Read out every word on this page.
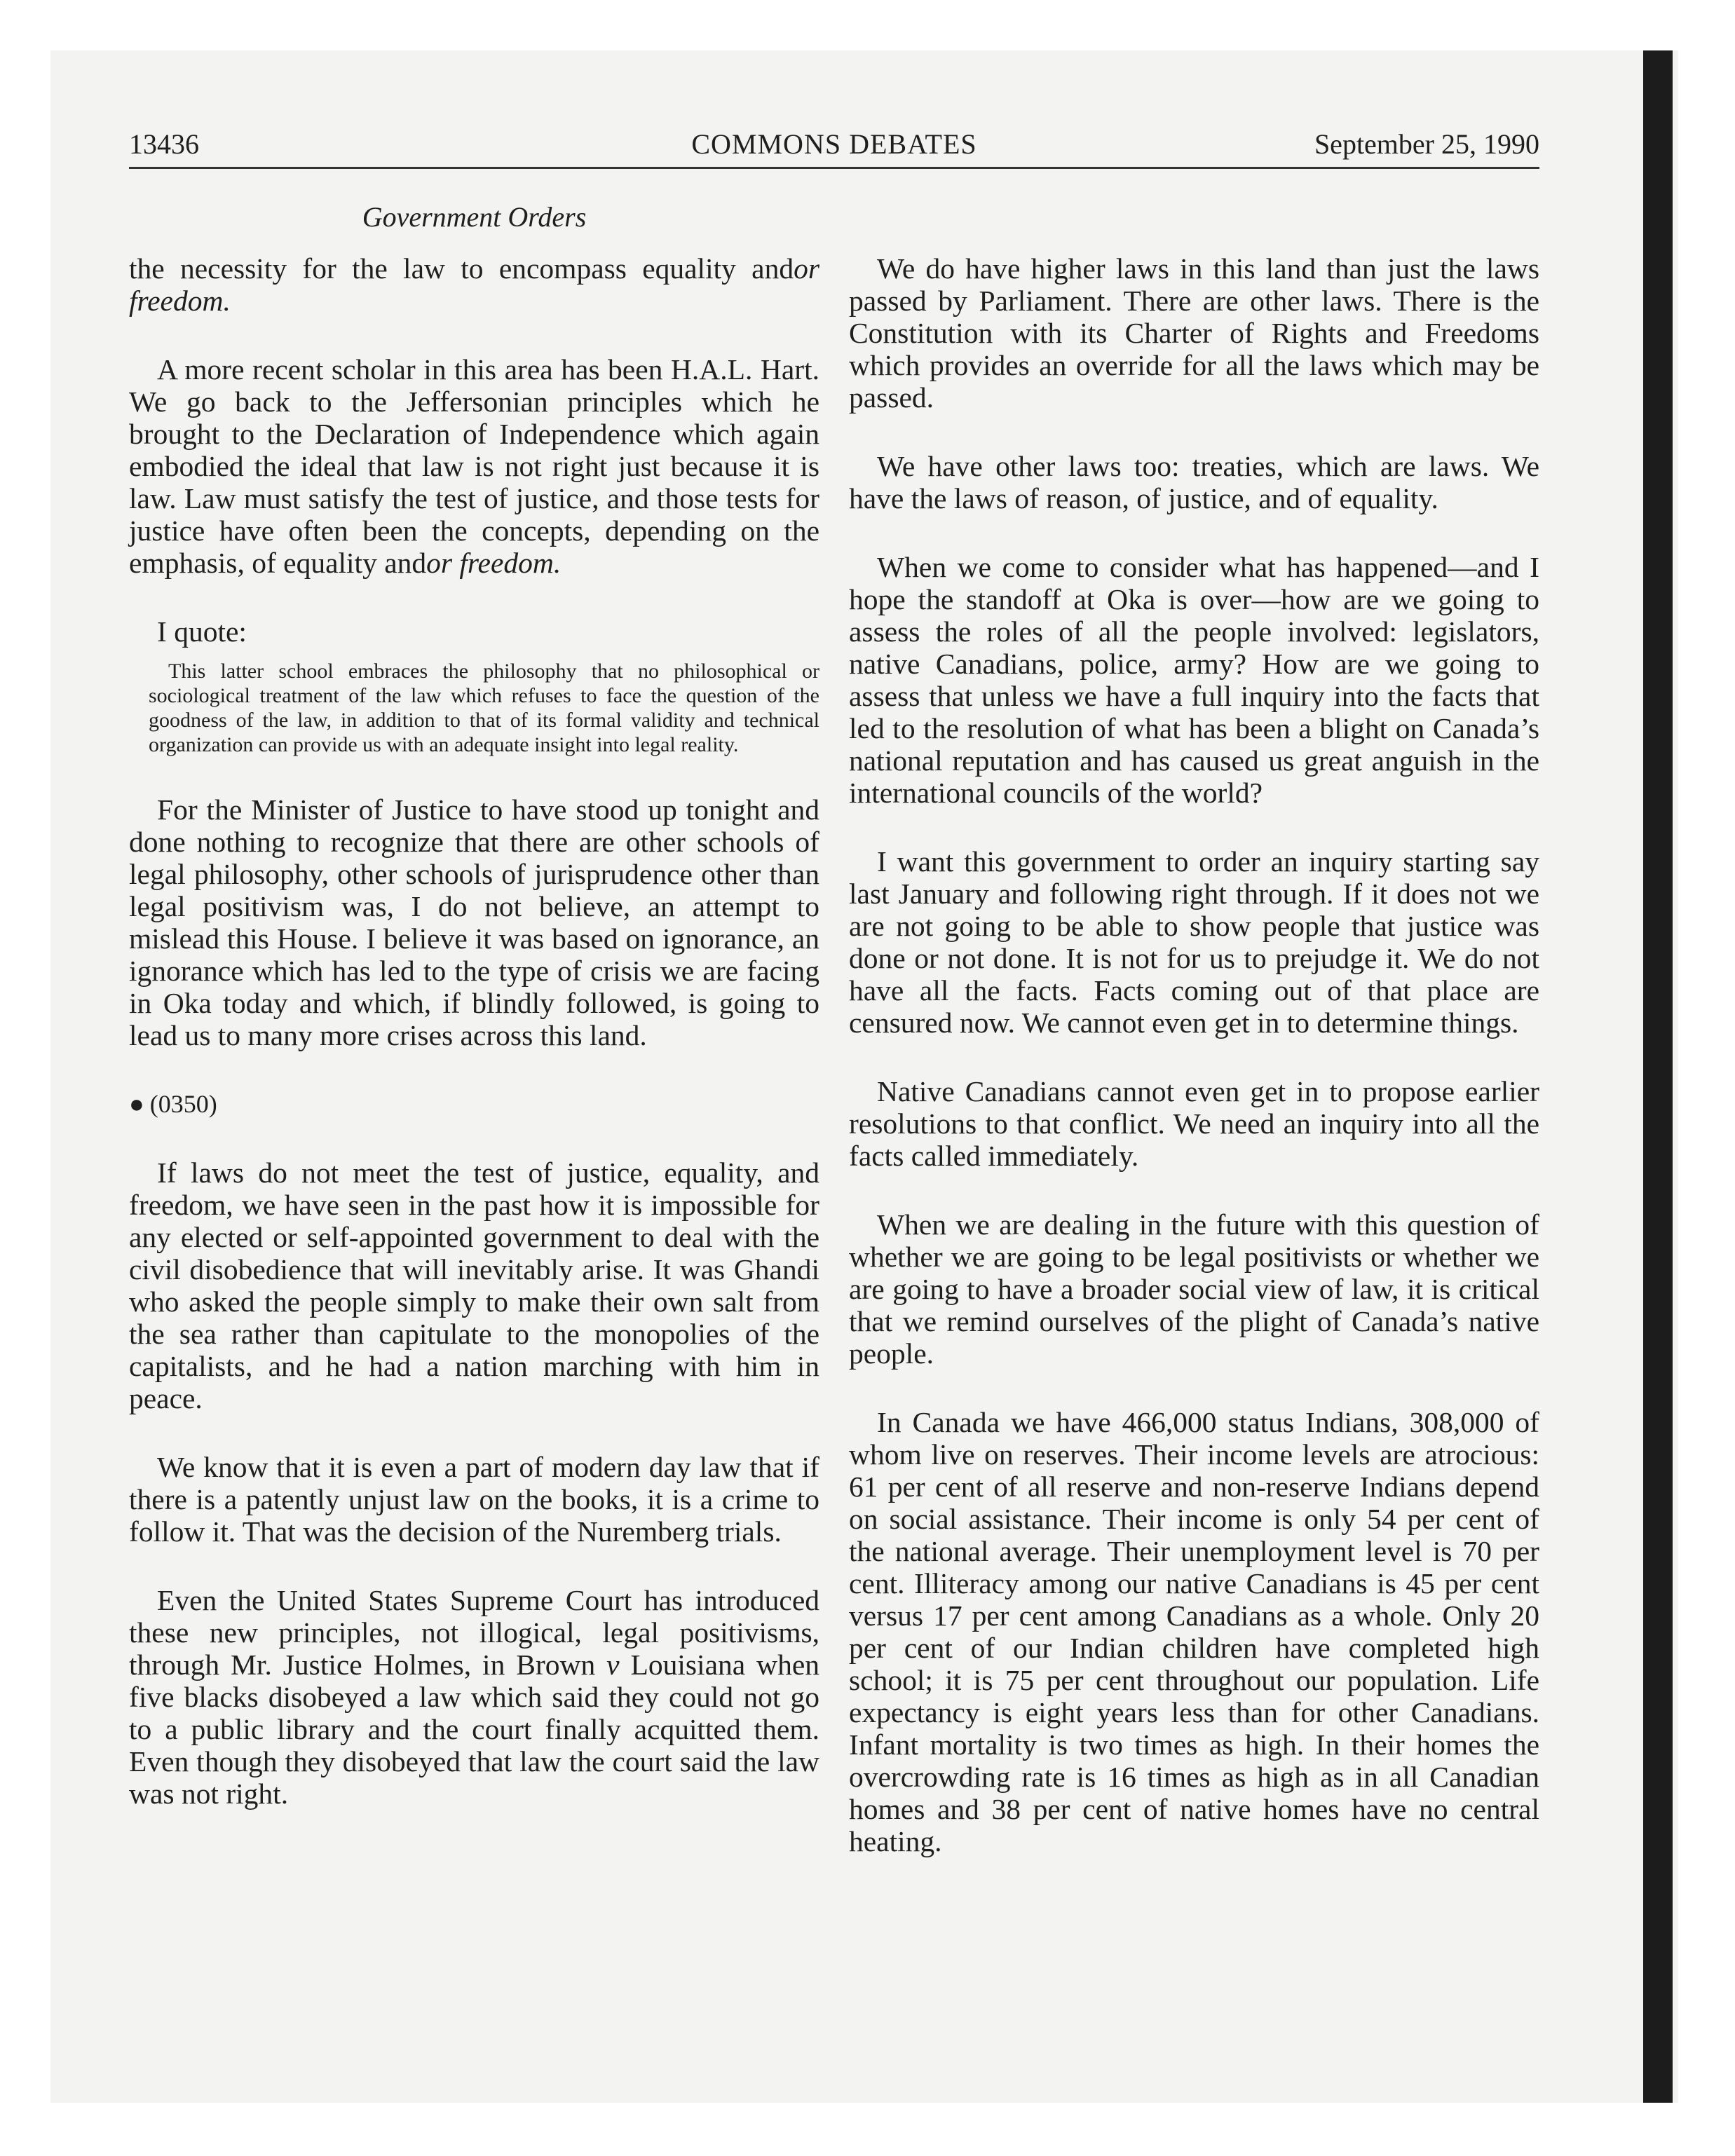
13436	COMMONS DEBATES	September 25, 1990
Government Orders

the necessity for the law to encompass equality andor freedom.

A more recent scholar in this area has been H.A.L. Hart. We go back to the Jeffersonian principles which he brought to the Declaration of Independence which again embodied the ideal that law is not right just because it is law. Law must satisfy the test of justice, and those tests for justice have often been the concepts, depending on the emphasis, of equality andor freedom.

I quote:

This latter school embraces the philosophy that no philosophical or sociological treatment of the law which refuses to face the question of the goodness of the law, in addition to that of its formal validity and technical organization can provide us with an adequate insight into legal reality.

For the Minister of Justice to have stood up tonight and done nothing to recognize that there are other schools of legal philosophy, other schools of jurisprudence other than legal positivism was, I do not believe, an attempt to mislead this House. I believe it was based on ignorance, an ignorance which has led to the type of crisis we are facing in Oka today and which, if blindly followed, is going to lead us to many more crises across this land.

● (0350)

If laws do not meet the test of justice, equality, and freedom, we have seen in the past how it is impossible for any elected or self-appointed government to deal with the civil disobedience that will inevitably arise. It was Ghandi who asked the people simply to make their own salt from the sea rather than capitulate to the monopolies of the capitalists, and he had a nation marching with him in peace.

We know that it is even a part of modern day law that if there is a patently unjust law on the books, it is a crime to follow it. That was the decision of the Nuremberg trials.

Even the United States Supreme Court has introduced these new principles, not illogical, legal positivisms, through Mr. Justice Holmes, in Brown v Louisiana when five blacks disobeyed a law which said they could not go to a public library and the court finally acquitted them. Even though they disobeyed that law the court said the law was not right.

We do have higher laws in this land than just the laws passed by Parliament. There are other laws. There is the Constitution with its Charter of Rights and Freedoms which provides an override for all the laws which may be passed.

We have other laws too: treaties, which are laws. We have the laws of reason, of justice, and of equality.

When we come to consider what has happened—and I hope the standoff at Oka is over—how are we going to assess the roles of all the people involved: legislators, native Canadians, police, army? How are we going to assess that unless we have a full inquiry into the facts that led to the resolution of what has been a blight on Canada’s national reputation and has caused us great anguish in the international councils of the world?

I want this government to order an inquiry starting say last January and following right through. If it does not we are not going to be able to show people that justice was done or not done. It is not for us to prejudge it. We do not have all the facts. Facts coming out of that place are censured now. We cannot even get in to determine things.

Native Canadians cannot even get in to propose earlier resolutions to that conflict. We need an inquiry into all the facts called immediately.

When we are dealing in the future with this question of whether we are going to be legal positivists or whether we are going to have a broader social view of law, it is critical that we remind ourselves of the plight of Canada’s native people.

In Canada we have 466,000 status Indians, 308,000 of whom live on reserves. Their income levels are atrocious: 61 per cent of all reserve and non-reserve Indians depend on social assistance. Their income is only 54 per cent of the national average. Their unemployment level is 70 per cent. Illiteracy among our native Canadians is 45 per cent versus 17 per cent among Canadians as a whole. Only 20 per cent of our Indian children have completed high school; it is 75 per cent throughout our population. Life expectancy is eight years less than for other Canadians. Infant mortality is two times as high. In their homes the overcrowding rate is 16 times as high as in all Canadian homes and 38 per cent of native homes have no central heating.
